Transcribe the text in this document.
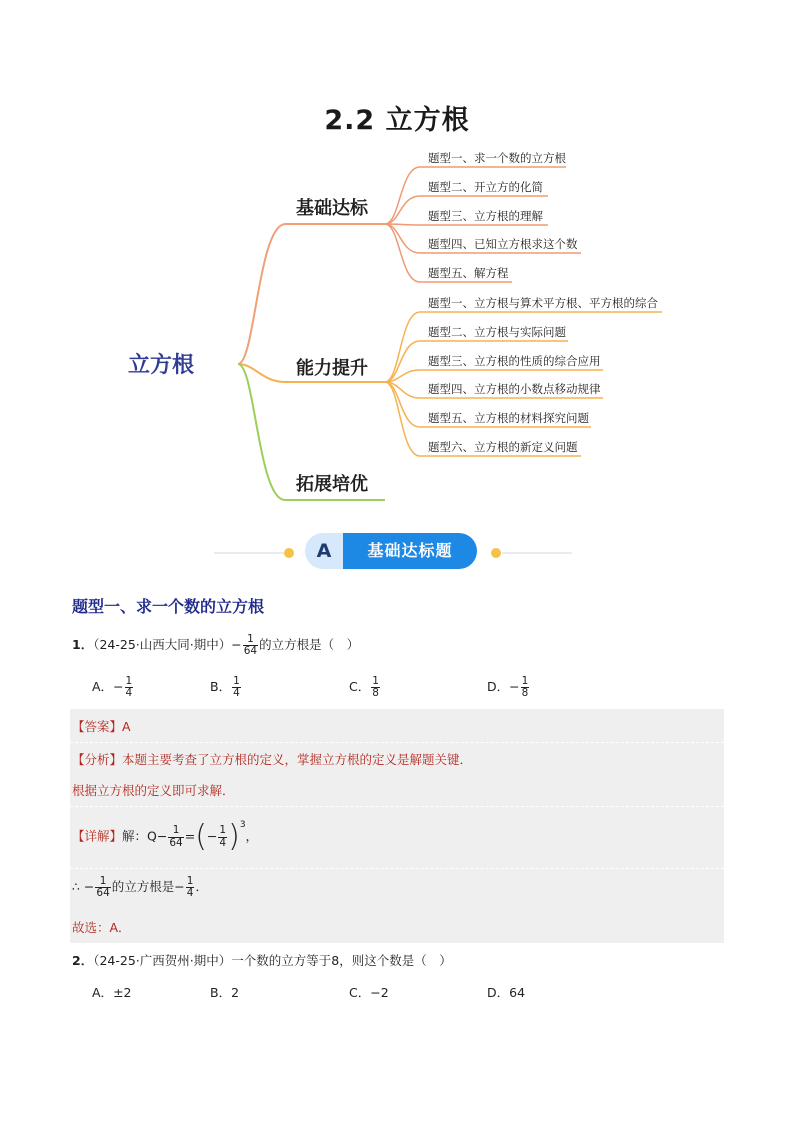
2.2 立方根
立方根
基础达标
能力提升
拓展培优
题型一、求一个数的立方根
题型二、开立方的化简
题型三、立方根的理解
题型四、已知立方根求这个数
题型五、解方程
题型一、立方根与算术平方根、平方根的综合
题型二、立方根与实际问题
题型三、立方根的性质的综合应用
题型四、立方根的小数点移动规律
题型五、立方根的材料探究问题
题型六、立方根的新定义问题
A	基础达标题
题型一、求一个数的立方根
1．（24-25·山西大同·期中）− $\frac{1}{64}$ 的立方根是（　）
A．− $\frac{1}{4}$	B． $\frac{1}{4}$	C． $\frac{1}{8}$	D．− $\frac{1}{8}$
【答案】A
【分析】本题主要考查了立方根的定义，掌握立方根的定义是解题关键．
根据立方根的定义即可求解．
【详解】解：$Q- \frac{1}{64}$ =(− $\frac{1}{4} )^3$，
∴ − $\frac{1}{64}$ 的立方根是− $\frac{1}{4}$ ．
故选：A．
2．（24-25·广西贺州·期中）一个数的立方等于8，则这个数是（　）
A．±2	B．2	C．−2	D．64
